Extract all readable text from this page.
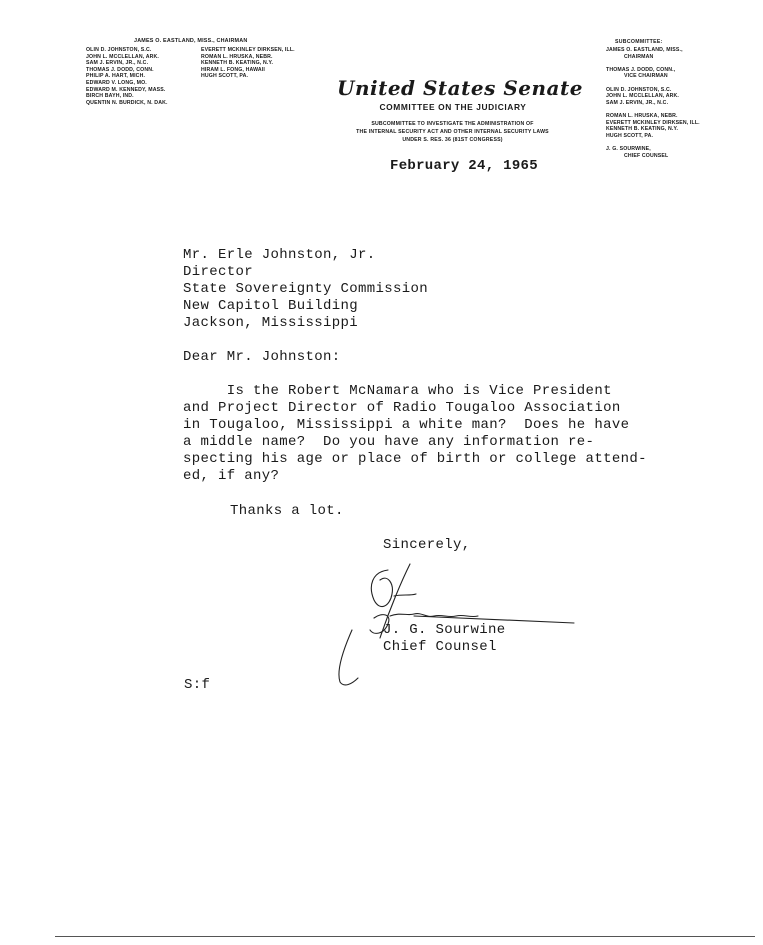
JAMES O. EASTLAND, MISS., CHAIRMAN
OLIN D. JOHNSTON, S.C.
JOHN L. MCCLELLAN, ARK.
SAM J. ERVIN, JR., N.C.
THOMAS J. DODD, CONN.
PHILIP A. HART, MICH.
EDWARD V. LONG, MO.
EDWARD M. KENNEDY, MASS.
BIRCH BAYH, IND.
QUENTIN N. BURDICK, N. DAK.
EVERETT MCKINLEY DIRKSEN, ILL.
ROMAN L. HRUSKA, NEBR.
KENNETH B. KEATING, N.Y.
HIRAM L. FONG, HAWAII
HUGH SCOTT, PA.	United States Senate
COMMITTEE ON THE JUDICIARY
SUBCOMMITTEE TO INVESTIGATE THE ADMINISTRATION OF
THE INTERNAL SECURITY ACT AND OTHER INTERNAL SECURITY LAWS
UNDER S. RES. 36 (81ST CONGRESS)
SUBCOMMITTEE:
JAMES O. EASTLAND, MISS.,
CHAIRMAN
THOMAS J. DODD, CONN.,
VICE CHAIRMAN
OLIN D. JOHNSTON, S.C.
JOHN L. MCCLELLAN, ARK.
SAM J. ERVIN, JR., N.C.
ROMAN L. HRUSKA, NEBR.
EVERETT MCKINLEY DIRKSEN, ILL.
KENNETH B. KEATING, N.Y.
HUGH SCOTT, PA.
J. G. SOURWINE,
CHIEF COUNSEL
February 24, 1965
Mr. Erle Johnston, Jr.
Director
State Sovereignty Commission
New Capitol Building
Jackson, Mississippi
Dear Mr. Johnston:
Is the Robert McNamara who is Vice President
and Project Director of Radio Tougaloo Association
in Tougaloo, Mississippi a white man?  Does he have
a middle name?  Do you have any information re-
specting his age or place of birth or college attend-
ed, if any?
Thanks a lot.
Sincerely,
J. G. Sourwine
Chief Counsel
S:f
